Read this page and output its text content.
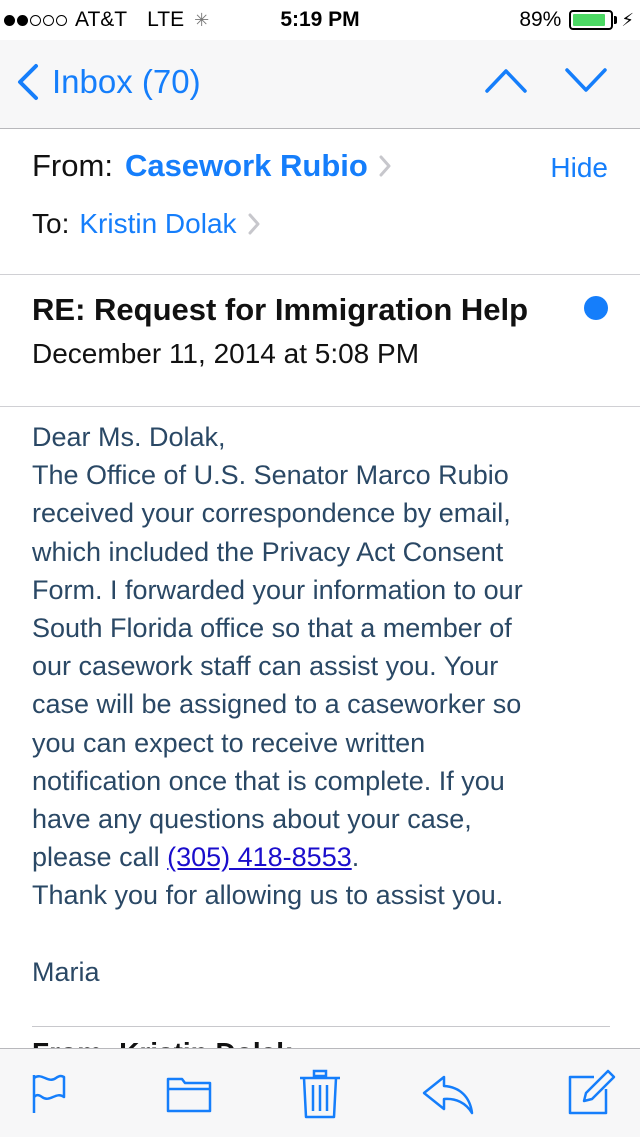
AT&T LTE ✳	5:19 PM	89%	⚡
Inbox (70)
From: Casework Rubio	Hide
To: Kristin Dolak
RE: Request for Immigration Help
December 11, 2014 at 5:08 PM
Dear Ms. Dolak,
The Office of U.S. Senator Marco Rubio
received your correspondence by email,
which included the Privacy Act Consent
Form. I forwarded your information to our
South Florida office so that a member of
our casework staff can assist you. Your
case will be assigned to a caseworker so
you can expect to receive written
notification once that is complete. If you
have any questions about your case,
please call (305) 418-8553.
Thank you for allowing us to assist you.
Maria
